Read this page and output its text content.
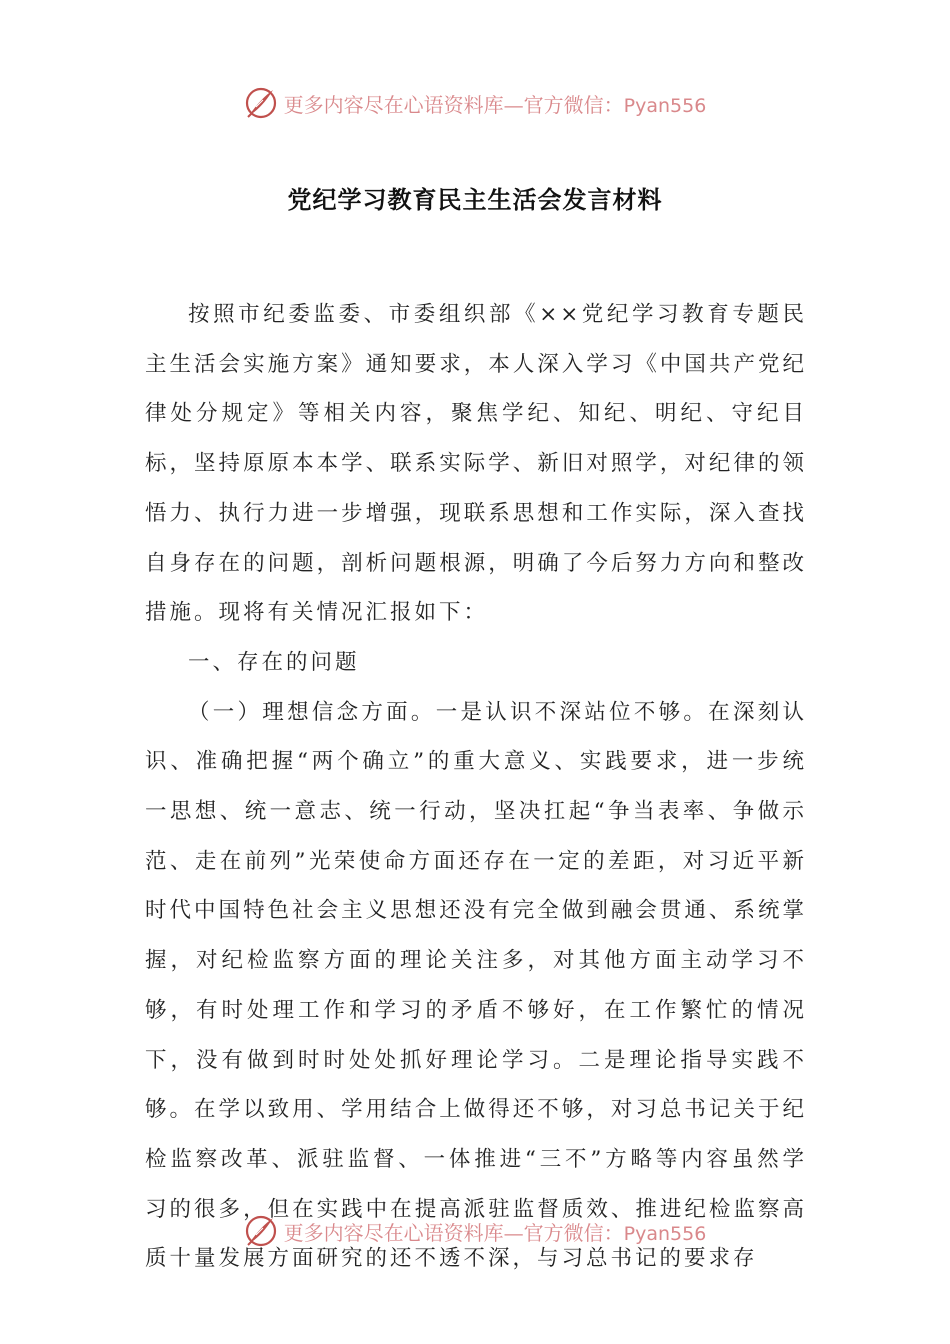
更多内容尽在心语资料库—官方微信：Pyan556
党纪学习教育民主生活会发言材料

按照市纪委监委、市委组织部《××党纪学习教育专题民主生活会实施方案》通知要求，本人深入学习《中国共产党纪律处分规定》等相关内容，聚焦学纪、知纪、明纪、守纪目标，坚持原原本本学、联系实际学、新旧对照学，对纪律的领悟力、执行力进一步增强，现联系思想和工作实际，深入查找自身存在的问题，剖析问题根源，明确了今后努力方向和整改措施。现将有关情况汇报如下：

一、存在的问题

（一）理想信念方面。一是认识不深站位不够。在深刻认识、准确把握“两个确立”的重大意义、实践要求，进一步统一思想、统一意志、统一行动，坚决扛起“争当表率、争做示范、走在前列”光荣使命方面还存在一定的差距，对习近平新时代中国特色社会主义思想还没有完全做到融会贯通、系统掌握，对纪检监察方面的理论关注多，对其他方面主动学习不够，有时处理工作和学习的矛盾不够好，在工作繁忙的情况下，没有做到时时处处抓好理论学习。二是理论指导实践不够。在学以致用、学用结合上做得还不够，对习总书记关于纪检监察改革、派驻监督、一体推进“三不”方略等内容虽然学习的很多，但在实践中在提高派驻监督质效、推进纪检监察高质十量发展方面研究的还不透不深，与习总书记的要求存

更多内容尽在心语资料库—官方微信：Pyan556
